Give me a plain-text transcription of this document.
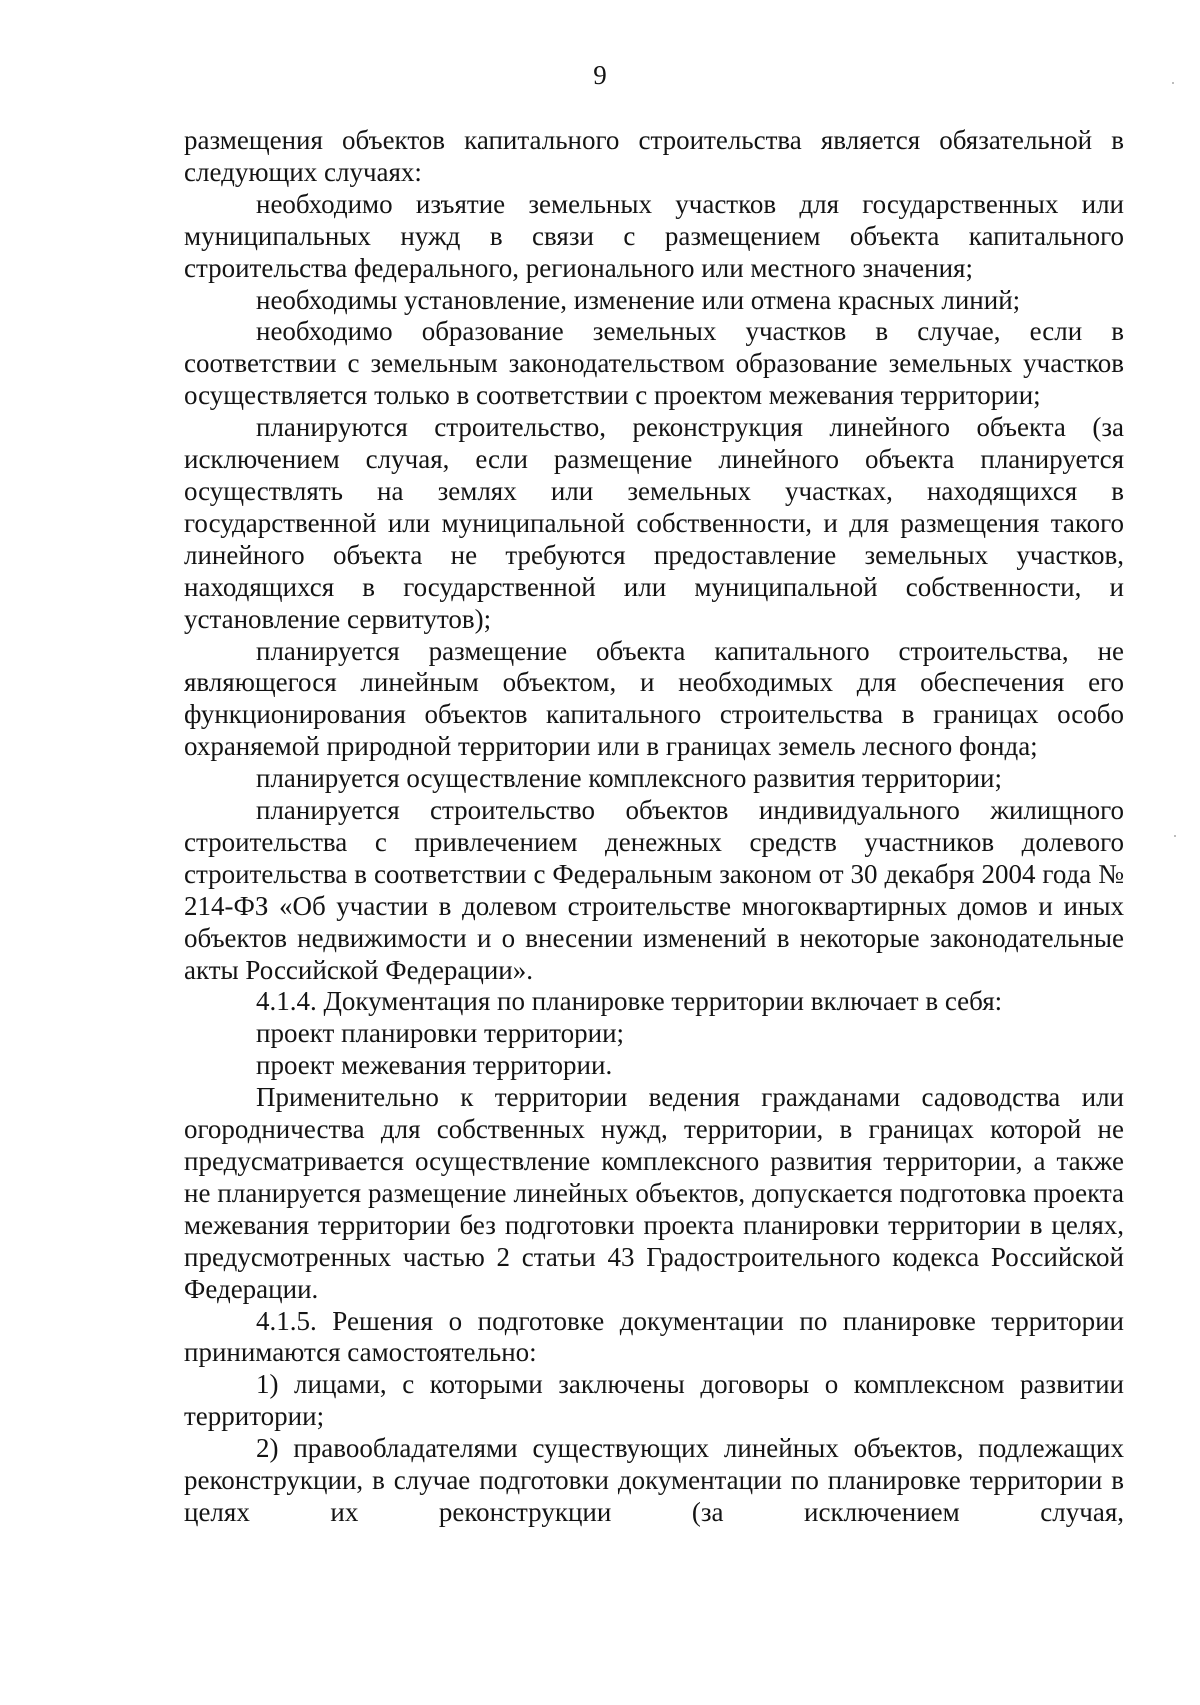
9

размещения объектов капитального строительства является обязательной в следующих случаях:

необходимо изъятие земельных участков для государственных или муниципальных нужд в связи с размещением объекта капитального строительства федерального, регионального или местного значения;

необходимы установление, изменение или отмена красных линий;

необходимо образование земельных участков в случае, если в соответствии с земельным законодательством образование земельных участков осуществляется только в соответствии с проектом межевания территории;

планируются строительство, реконструкция линейного объекта (за исключением случая, если размещение линейного объекта планируется осуществлять на землях или земельных участках, находящихся в государственной или муниципальной собственности, и для размещения такого линейного объекта не требуются предоставление земельных участков, находящихся в государственной или муниципальной собственности, и установление сервитутов);

планируется размещение объекта капитального строительства, не являющегося линейным объектом, и необходимых для обеспечения его функционирования объектов капитального строительства в границах особо охраняемой природной территории или в границах земель лесного фонда;

планируется осуществление комплексного развития территории;

планируется строительство объектов индивидуального жилищного строительства с привлечением денежных средств участников долевого строительства в соответствии с Федеральным законом от 30 декабря 2004 года № 214-ФЗ «Об участии в долевом строительстве многоквартирных домов и иных объектов недвижимости и о внесении изменений в некоторые законодательные акты Российской Федерации».

4.1.4. Документация по планировке территории включает в себя:

проект планировки территории;

проект межевания территории.

Применительно к территории ведения гражданами садоводства или огородничества для собственных нужд, территории, в границах которой не предусматривается осуществление комплексного развития территории, а также не планируется размещение линейных объектов, допускается подготовка проекта межевания территории без подготовки проекта планировки территории в целях, предусмотренных частью 2 статьи 43 Градостроительного кодекса Российской Федерации.

4.1.5. Решения о подготовке документации по планировке территории принимаются самостоятельно:

1) лицами, с которыми заключены договоры о комплексном развитии территории;

2) правообладателями существующих линейных объектов, подлежащих реконструкции, в случае подготовки документации по планировке территории в целях их реконструкции (за исключением случая,
